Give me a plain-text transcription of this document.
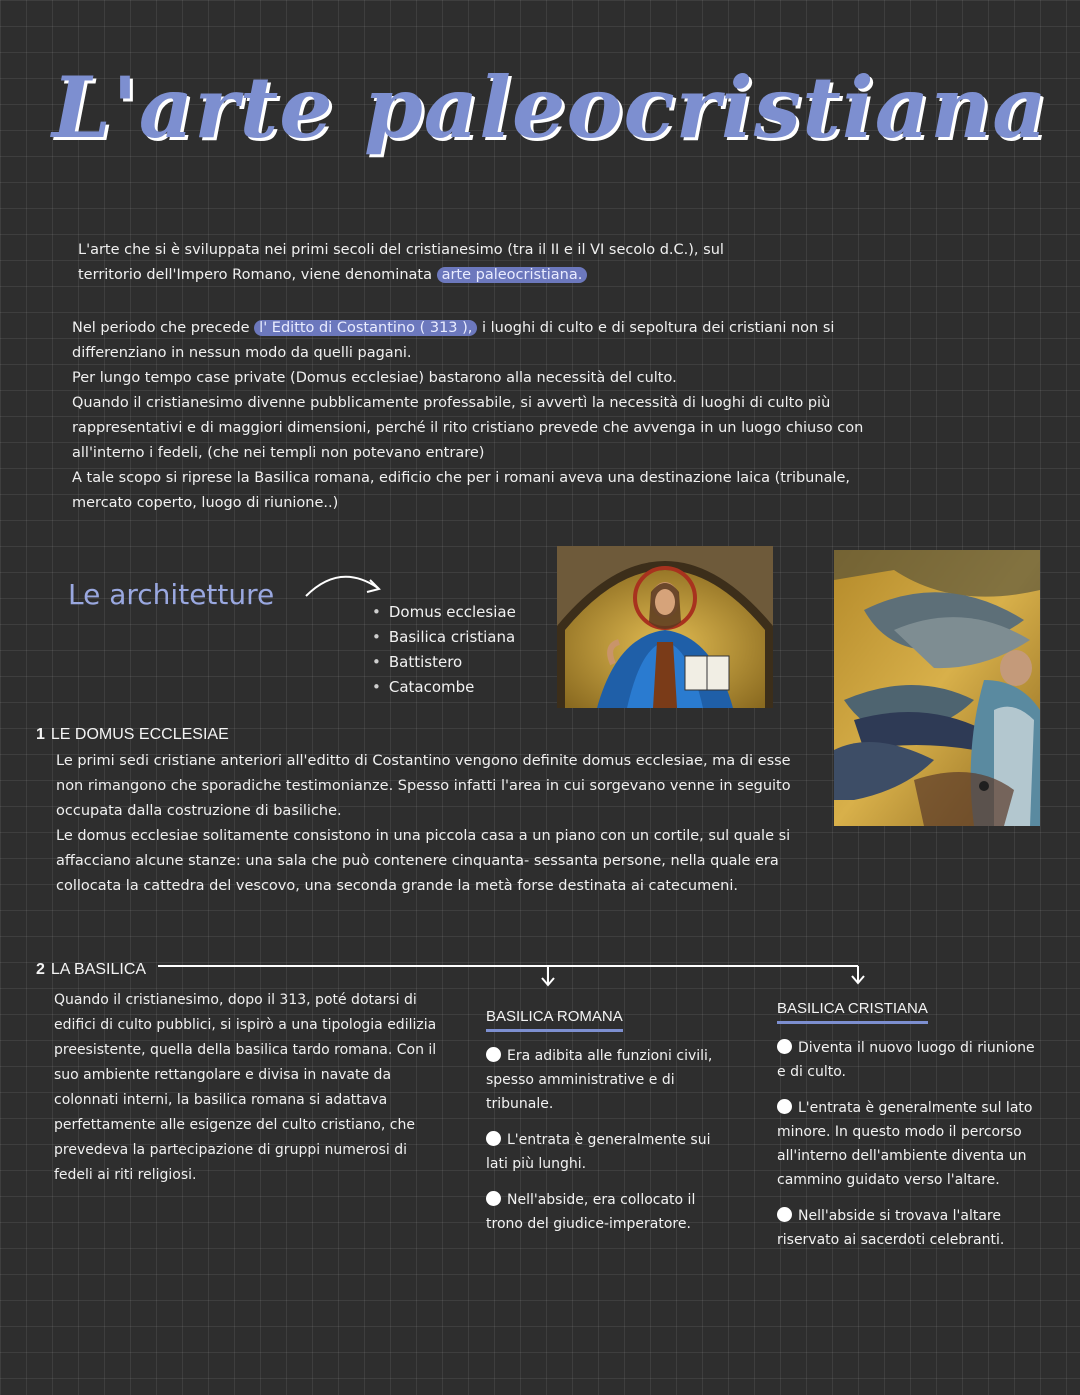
L'arte paleocristiana
L'arte che si è sviluppata nei primi secoli del cristianesimo (tra il II e il VI secolo d.C.), sul territorio dell'Impero Romano, viene denominata arte paleocristiana.
Nel periodo che precede l' Editto di Costantino ( 313 ), i luoghi di culto e di sepoltura dei cristiani non si differenziano in nessun modo da quelli pagani.
Per lungo tempo case private (Domus ecclesiae) bastarono alla necessità del culto.
Quando il cristianesimo divenne pubblicamente professabile, si avvertì la necessità di luoghi di culto più rappresentativi e di maggiori dimensioni, perché il rito cristiano prevede che avvenga in un luogo chiuso con all'interno i fedeli, (che nei templi non potevano entrare)
A tale scopo si riprese la Basilica romana, edificio che per i romani aveva una destinazione laica (tribunale, mercato coperto, luogo di riunione..)
Le architetture
• Domus ecclesiae
• Basilica cristiana
• Battistero
• Catacombe
1 LE DOMUS ECCLESIAE
Le primi sedi cristiane anteriori all'editto di Costantino vengono definite domus ecclesiae, ma di esse non rimangono che sporadiche testimonianze. Spesso infatti l'area in cui sorgevano venne in seguito occupata dalla costruzione di basiliche.
Le domus ecclesiae solitamente consistono in una piccola casa a un piano con un cortile, sul quale si affacciano alcune stanze: una sala che può contenere cinquanta- sessanta persone, nella quale era collocata la cattedra del vescovo, una seconda grande la metà forse destinata ai catecumeni.
2 LA BASILICA
Quando il cristianesimo, dopo il 313, poté dotarsi di edifici di culto pubblici, si ispirò a una tipologia edilizia preesistente, quella della basilica tardo romana. Con il suo ambiente rettangolare e divisa in navate da colonnati interni, la basilica romana si adattava perfettamente alle esigenze del culto cristiano, che prevedeva la partecipazione di gruppi numerosi di fedeli ai riti religiosi.
BASILICA ROMANA
Era adibita alle funzioni civili, spesso amministrative e di tribunale.
L'entrata è generalmente sui lati più lunghi.
Nell'abside, era collocato il trono del giudice-imperatore.
BASILICA CRISTIANA
Diventa il nuovo luogo di riunione e di culto.
L'entrata è generalmente sul lato minore. In questo modo il percorso all'interno dell'ambiente diventa un cammino guidato verso l'altare.
Nell'abside si trovava l'altare riservato ai sacerdoti celebranti.
